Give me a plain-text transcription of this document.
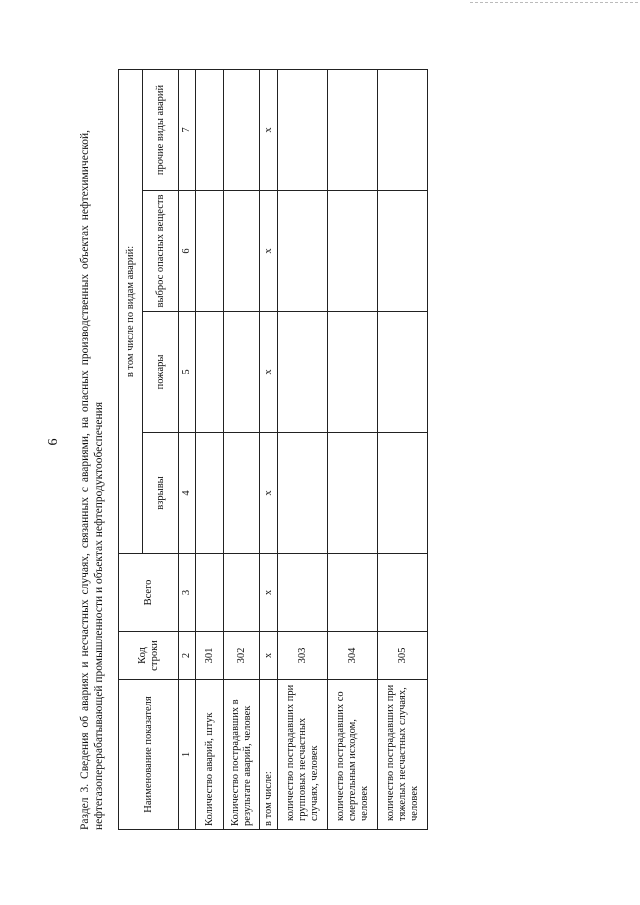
6 Раздел 3. Сведения об авариях и несчастных случаях, связанных с авариями, на опасных производственных объектах нефтехимической, нефтегазоперерабатывающей промышленности и объектах нефтепродуктообеспечения	Наименование показателя	Код строки	Всего	в том числе по видам аварий:			
			взрывы	пожары	выброс опасных веществ	прочие виды аварий
1	2	3	4	5	6	7
Количество аварий, штук	301					
Количество пострадавших в результате аварий, человек	302					
в том числе:	x	x	x	x	x	x
количество пострадавших при групповых несчастных случаях, человек	303					
количество пострадавших со смертельным исходом, человек	304					
количество пострадавших при тяжелых несчастных случаях, человек	305					
